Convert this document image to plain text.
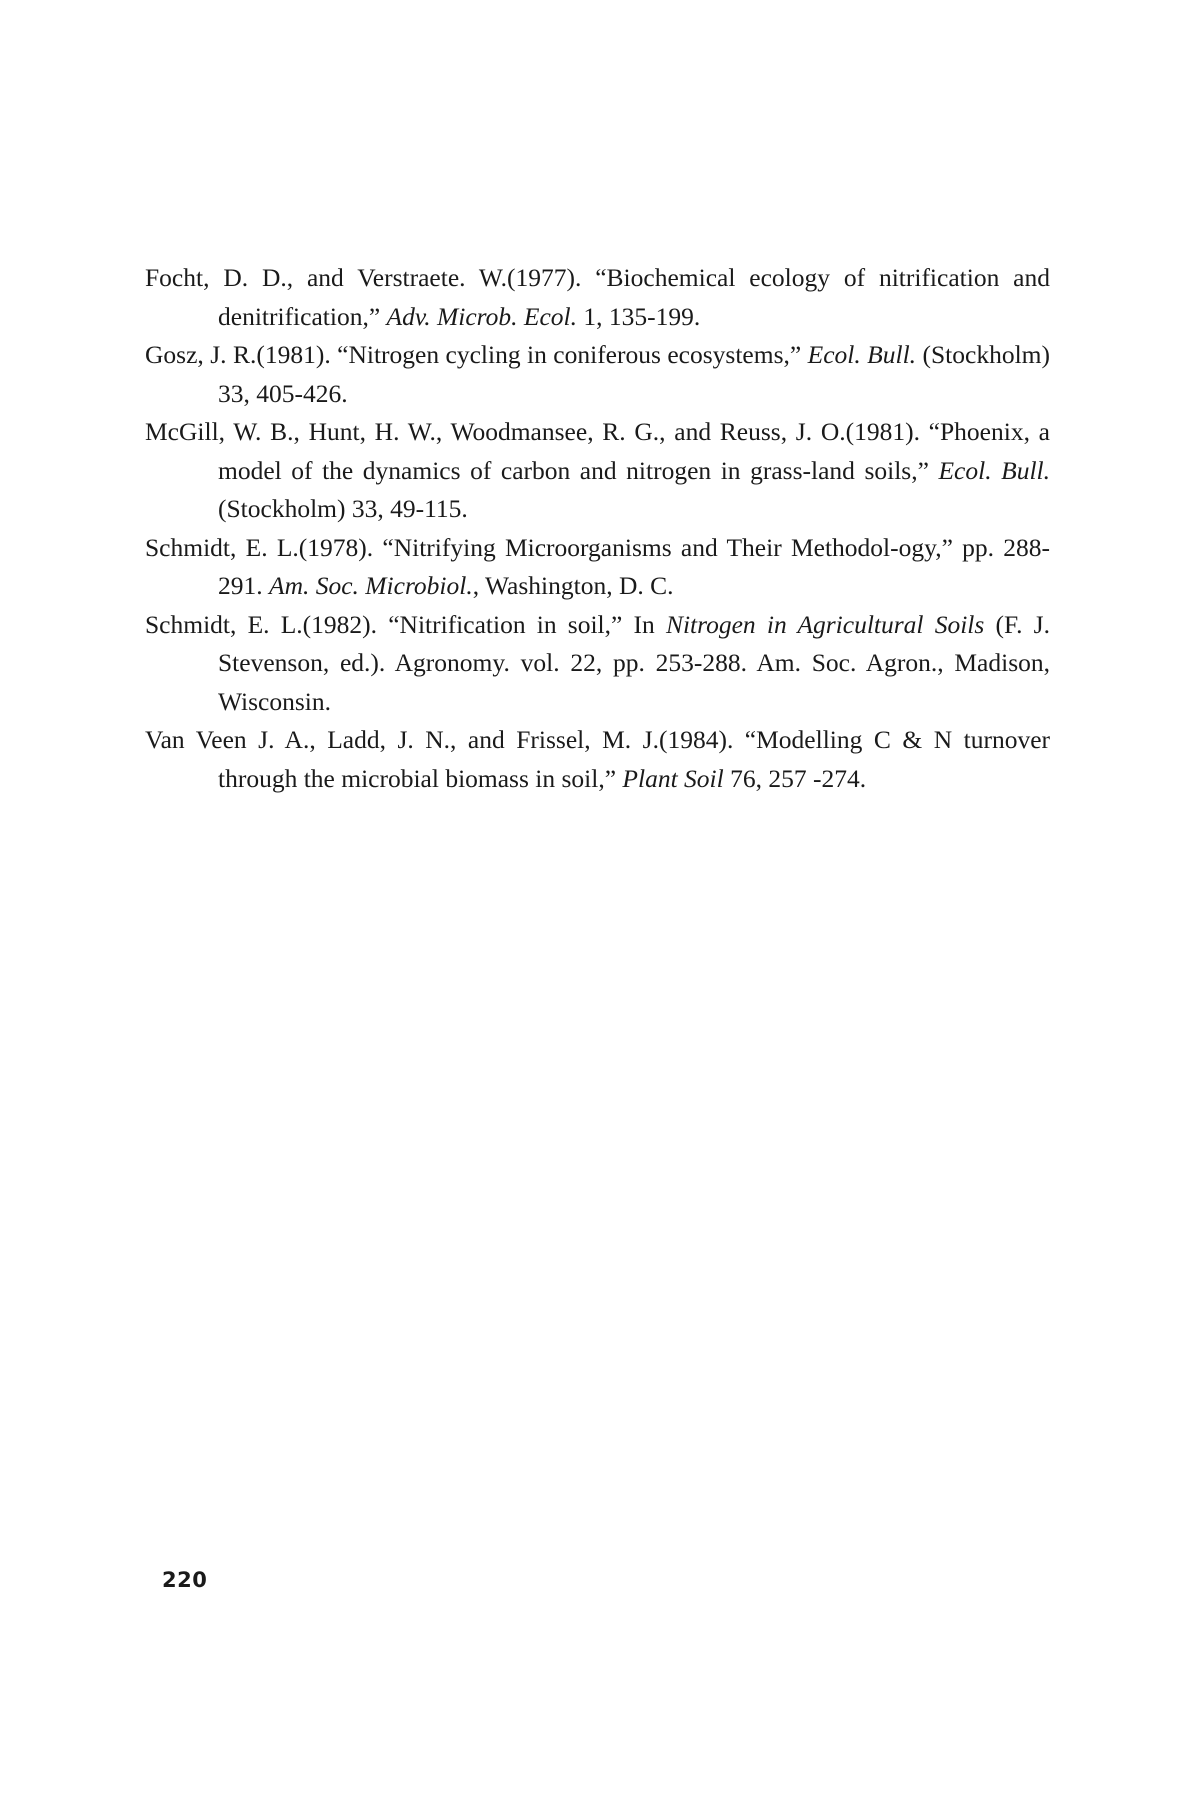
Focht, D. D., and Verstraete. W.(1977). “Biochemical ecology of nitrification and denitrification,” Adv. Microb. Ecol. 1, 135-199.

Gosz, J. R.(1981). “Nitrogen cycling in coniferous ecosystems,” Ecol. Bull. (Stockholm) 33, 405-426.

McGill, W. B., Hunt, H. W., Woodmansee, R. G., and Reuss, J. O.(1981). “Phoenix, a model of the dynamics of carbon and nitrogen in grass-land soils,” Ecol. Bull. (Stockholm) 33, 49-115.

Schmidt, E. L.(1978). “Nitrifying Microorganisms and Their Methodol-ogy,” pp. 288-291. Am. Soc. Microbiol., Washington, D. C.

Schmidt, E. L.(1982). “Nitrification in soil,” In Nitrogen in Agricultural Soils (F. J. Stevenson, ed.). Agronomy. vol. 22, pp. 253-288. Am. Soc. Agron., Madison, Wisconsin.

Van Veen J. A., Ladd, J. N., and Frissel, M. J.(1984). “Modelling C & N turnover through the microbial biomass in soil,” Plant Soil 76, 257 -274.

220
